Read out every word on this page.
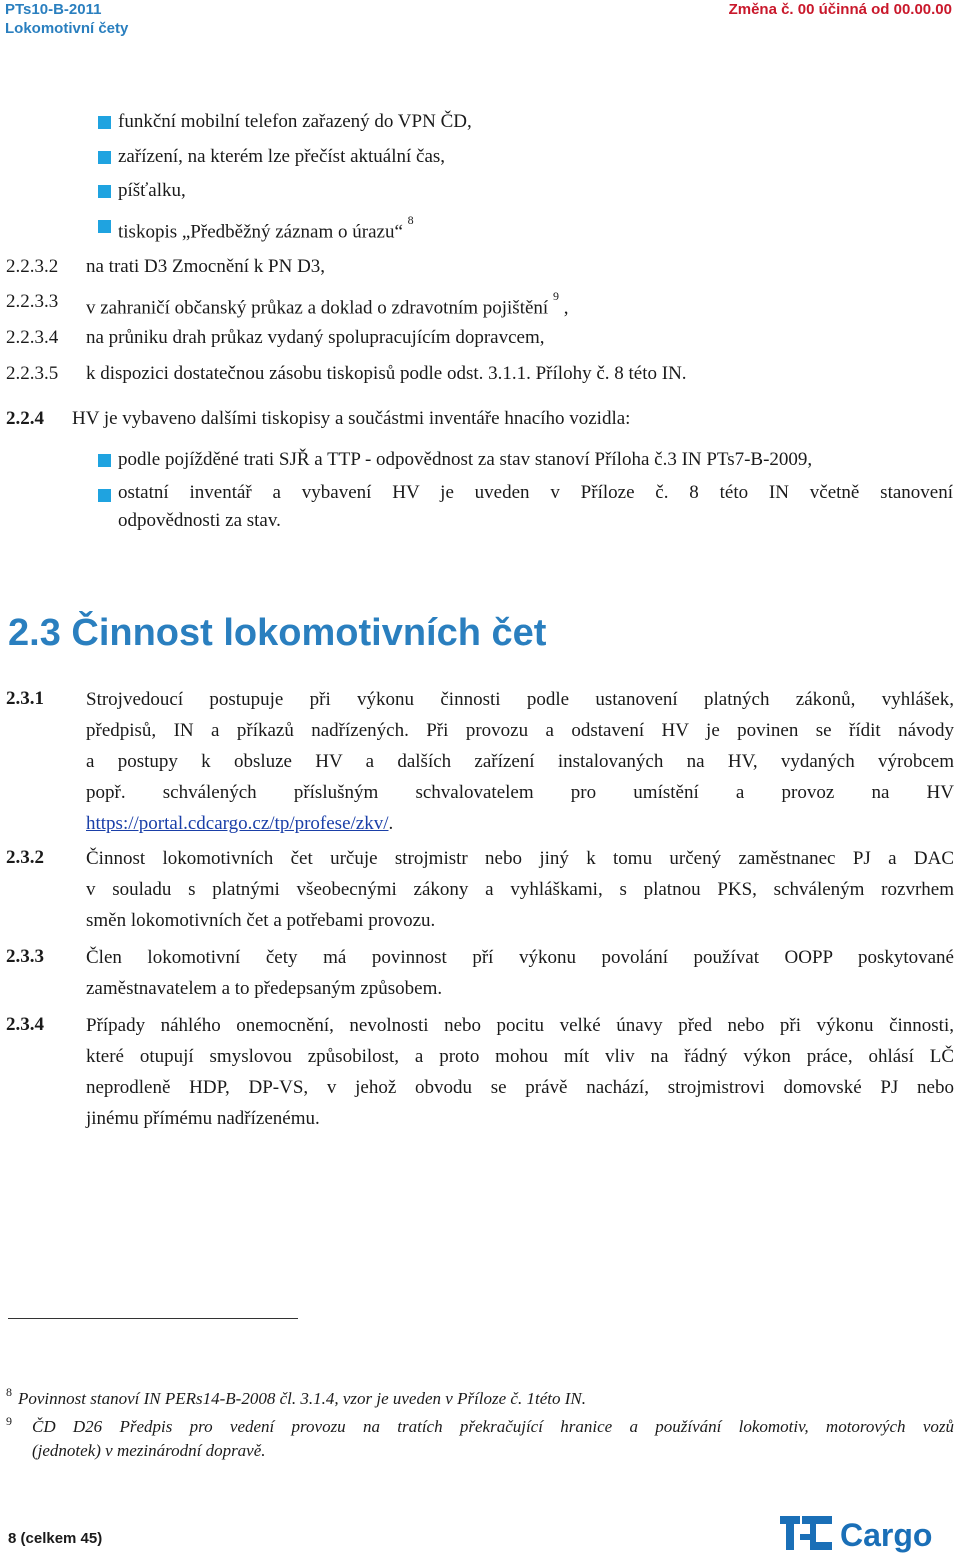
PTs10-B-2011
Lokomotivní čety
Změna č. 00 účinná od 00.00.00
funkční mobilní telefon zařazený do VPN ČD,
zařízení, na kterém lze přečíst aktuální čas,
píšťalku,
tiskopis „Předběžný záznam o úrazu“ $^8$
2.2.3.2 na trati D3 Zmocnění k PN D3,
2.2.3.3 v zahraničí občanský průkaz a doklad o zdravotním pojištění $^9$ ,
2.2.3.4 na průniku drah průkaz vydaný spolupracujícím dopravcem,
2.2.3.5 k dispozici dostatečnou zásobu tiskopisů podle odst. 3.1.1. Přílohy č. 8 této IN.
2.2.4 HV je vybaveno dalšími tiskopisy a součástmi inventáře hnacího vozidla:
podle pojížděné trati SJŘ a TTP - odpovědnost za stav stanoví Příloha č.3 IN PTs7-B-2009,
ostatní inventář a vybavení HV je uveden v Příloze č. 8 této IN včetně stanovení
odpovědnosti za stav.
2.3 Činnost lokomotivních čet
2.3.1 Strojvedoucí postupuje při výkonu činnosti podle ustanovení platných zákonů, vyhlášek,
předpisů, IN a příkazů nadřízených. Při provozu a odstavení HV je povinen se řídit návody
a postupy k obsluze HV a dalších zařízení instalovaných na HV, vydaných výrobcem
popř. schválených příslušným schvalovatelem pro umístění a provoz na HV
https://portal.cdcargo.cz/tp/profese/zkv/.
2.3.2 Činnost lokomotivních čet určuje strojmistr nebo jiný k tomu určený zaměstnanec PJ a DAC
v souladu s platnými všeobecnými zákony a vyhláškami, s platnou PKS, schváleným rozvrhem
směn lokomotivních čet a potřebami provozu.
2.3.3 Člen lokomotivní čety má povinnost pří výkonu povolání používat OOPP poskytované
zaměstnavatelem a to předepsaným způsobem.
2.3.4 Případy náhlého onemocnění, nevolnosti nebo pocitu velké únavy před nebo při výkonu činnosti,
které otupují smyslovou způsobilost, a proto mohou mít vliv na řádný výkon práce, ohlásí LČ
neprodleně HDP, DP-VS, v jehož obvodu se právě nachází, strojmistrovi domovské PJ nebo
jinému přímému nadřízenému.
8 Povinnost stanoví IN PERs14-B-2008 čl. 3.1.4, vzor je uveden v Příloze č. 1této IN.
9 ČD D26 Předpis pro vedení provozu na tratích překračující hranice a používání lokomotiv, motorových vozů
(jednotek) v mezinárodní dopravě.
8 (celkem 45)	Cargo
